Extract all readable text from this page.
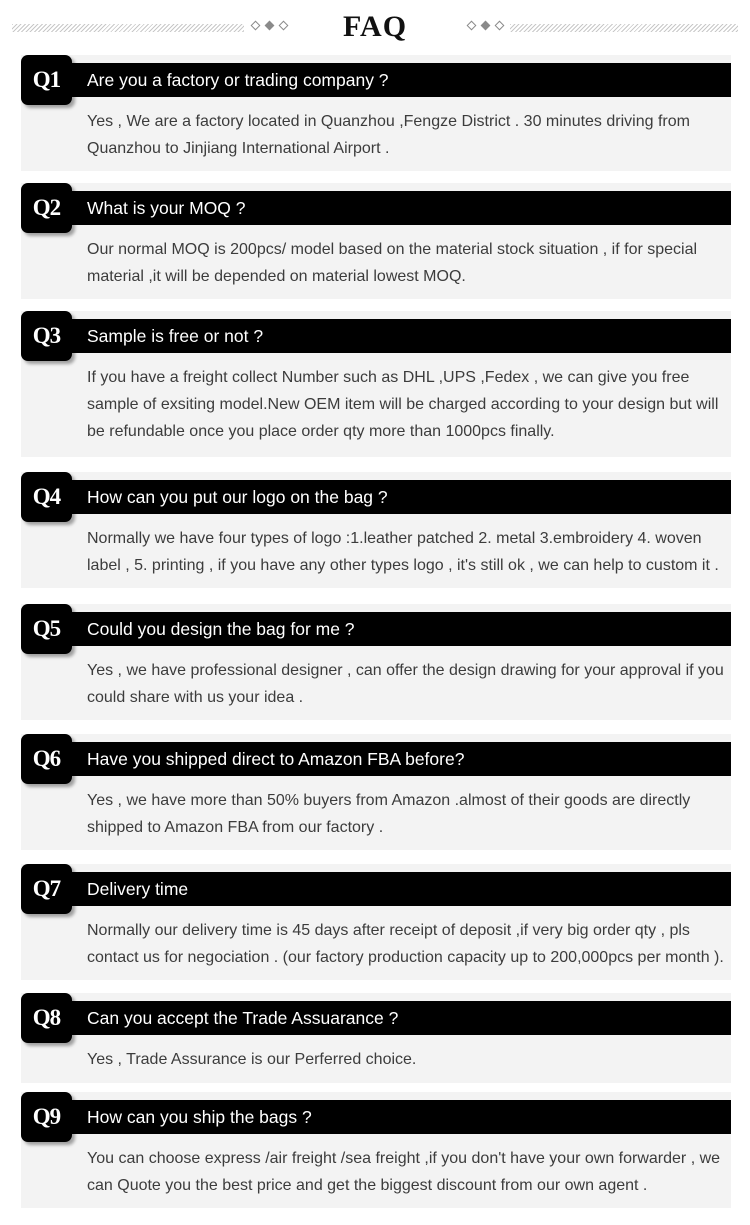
FAQ
Q1	Are you a factory or trading company ?
Yes , We are a factory located in Quanzhou ,Fengze District . 30 minutes driving from Quanzhou to Jinjiang International Airport .
Q2	What is your MOQ ?
Our normal MOQ is 200pcs/ model based on the material stock situation , if for special material ,it will be depended on material lowest MOQ.
Q3	Sample is free or not ?
If you have a freight collect Number such as DHL ,UPS ,Fedex , we can give you free sample of exsiting model.New OEM item will be charged according to your design but will be refundable once you place order qty more than 1000pcs finally.
Q4	How can you put our logo on the bag ?
Normally we have four types of logo :1.leather patched 2. metal 3.embroidery 4. woven label , 5. printing , if you have any other types logo , it's still ok , we can help to custom it .
Q5	Could you design the bag for me ?
Yes , we have professional designer , can offer the design drawing for your approval if you could share with us your idea .
Q6	Have you shipped direct to Amazon FBA before?
Yes , we have more than 50% buyers from Amazon .almost of their goods are directly shipped to Amazon FBA from our factory .
Q7	Delivery time
Normally our delivery time is 45 days after receipt of deposit ,if very big order qty , pls contact us for negociation . (our factory production capacity up to 200,000pcs per month ).
Q8	Can you accept the Trade Assuarance ?
Yes , Trade Assurance is our Perferred choice.
Q9	How can you ship the bags ?
You can choose express /air freight /sea freight ,if you don't have your own forwarder , we can Quote you the best price and get the biggest discount from our own agent .
